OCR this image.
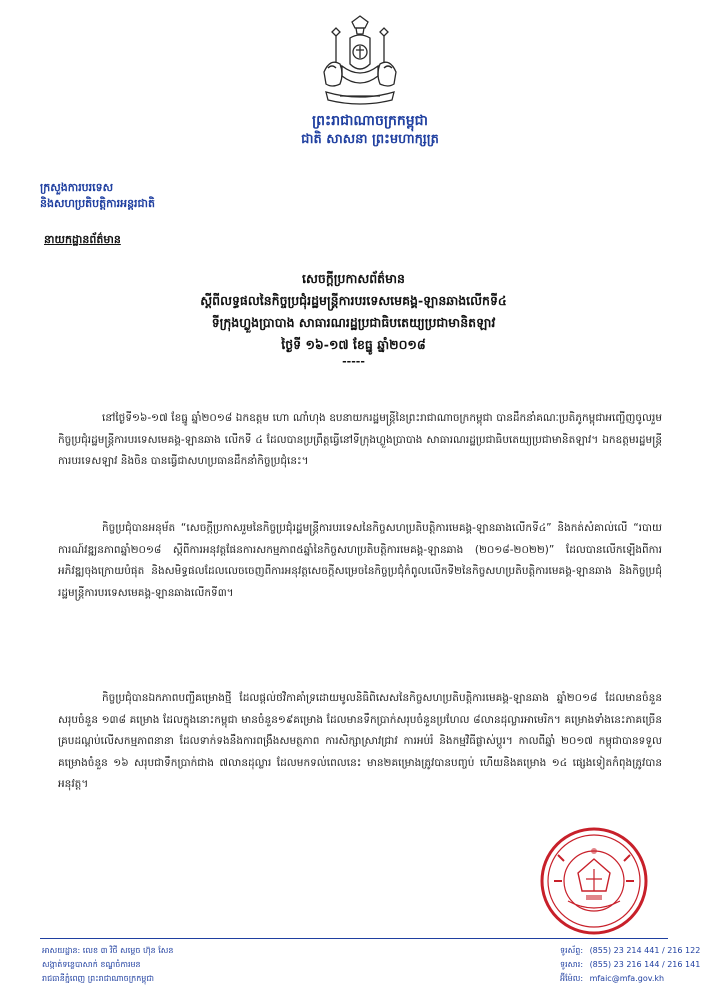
ព្រះរាជាណាចក្រកម្ពុជា
ជាតិ សាសនា ព្រះមហាក្សត្រ
ក្រសួងការបរទេស
និងសហប្រតិបត្តិការអន្តរជាតិ
នាយកដ្ឋានព័ត៌មាន
សេចក្តីប្រកាសព័ត៌មាន
ស្តីពីលទ្ធផលនៃកិច្ចប្រជុំរដ្ឋមន្ត្រីការបរទេសមេគង្គ-ឡានឆាងលើកទី៤
ទីក្រុងហ្លួងប្រាបាង សាធារណរដ្ឋប្រជាធិបតេយ្យប្រជាមានិតឡាវ
ថ្ងៃទី ១៦-១៧ ខែធ្នូ ឆ្នាំ២០១៨
-----
នៅថ្ងៃទី១៦-១៧ ខែធ្នូ ឆ្នាំ២០១៨ ឯកឧត្តម ហោ ណាំហុង ឧបនាយករដ្ឋមន្ត្រីនៃព្រះរាជាណាចក្រកម្ពុជា បានដឹកនាំគណៈប្រតិភូកម្ពុជាអញ្ជើញចូលរួមកិច្ចប្រជុំរដ្ឋមន្ត្រីការបរទេសមេគង្គ-ឡានឆាង លើកទី ៤ ដែលបានប្រព្រឹត្តធ្វើនៅទីក្រុងហ្លួងប្រាបាង សាធារណរដ្ឋប្រជាធិបតេយ្យប្រជាមានិតឡាវ។ ឯកឧត្តមរដ្ឋមន្ត្រីការបរទេសឡាវ និងចិន បានធ្វើជាសហប្រធានដឹកនាំកិច្ចប្រជុំនេះ។
កិច្ចប្រជុំបានអនុម័ត “សេចក្តីប្រកាសរួមនៃកិច្ចប្រជុំរដ្ឋមន្ត្រីការបរទេសនៃកិច្ចសហប្រតិបត្តិការមេគង្គ-ឡានឆាងលើកទី៤” និងកត់សំគាល់លើ “របាយការណ៍វឌ្ឍនភាពឆ្នាំ២០១៨ ស្តីពីការអនុវត្តផែនការសកម្មភាព៥ឆ្នាំនៃកិច្ចសហប្រតិបត្តិការមេគង្គ-ឡានឆាង (២០១៨-២០២២)” ដែលបានលើកឡើងពីការអភិវឌ្ឍចុងក្រោយបំផុត និងសមិទ្ធផលដែលលេចចេញពីការអនុវត្តសេចក្តីសម្រេចនៃកិច្ចប្រជុំកំពូលលើកទី២នៃកិច្ចសហប្រតិបត្តិការមេគង្គ-ឡានឆាង និងកិច្ចប្រជុំរដ្ឋមន្ត្រីការបរទេសមេគង្គ-ឡានឆាងលើកទី៣។
កិច្ចប្រជុំបានឯកភាពបញ្ជីគម្រោងថ្មី ដែលផ្តល់ថវិកាគាំទ្រដោយមូលនិធិពិសេសនៃកិច្ចសហប្រតិបត្តិការមេគង្គ-ឡានឆាង ឆ្នាំ២០១៨ ដែលមានចំនួនសរុបចំនួន ១៣៨ គម្រោង ដែលក្នុងនោះកម្ពុជា មានចំនួន១៩គម្រោង ដែលមានទឹកប្រាក់សរុបចំនួនប្រហែល ៨លានដុល្លារអាមេរិក។ គម្រោងទាំងនេះភាគច្រើនគ្របដណ្តប់លើសកម្មភាពនានា ដែលទាក់ទងនឹងការពង្រឹងសមត្ថភាព ការសិក្សាស្រាវជ្រាវ ការអប់រំ និងកម្មវិធីផ្លាស់ប្តូរ។ កាលពីឆ្នាំ ២០១៧ កម្ពុជាបានទទួលគម្រោងចំនួន ១៦ សរុបជាទឹកប្រាក់ជាង ៧លានដុល្លារ ដែលមកទល់ពេលនេះ មាន២គម្រោងត្រូវបានបញ្ចប់ ហើយនិងគម្រោង ១៤ ផ្សេងទៀតកំពុងត្រូវបានអនុវត្ត។
អាសយដ្ឋាន: លេខ ៣ វិថី សម្តេច ហ៊ុន សែន
សង្កាត់ទន្លេបាសាក់ ខណ្ឌចំការមន
រាជធានីភ្នំពេញ ព្រះរាជាណាចក្រកម្ពុជា
ទូរស័ព្ទ: (855) 23 214 441 / 216 122
ទូរសារ: (855) 23 216 144 / 216 141
អ៊ីម៉ែល: mfaic@mfa.gov.kh
